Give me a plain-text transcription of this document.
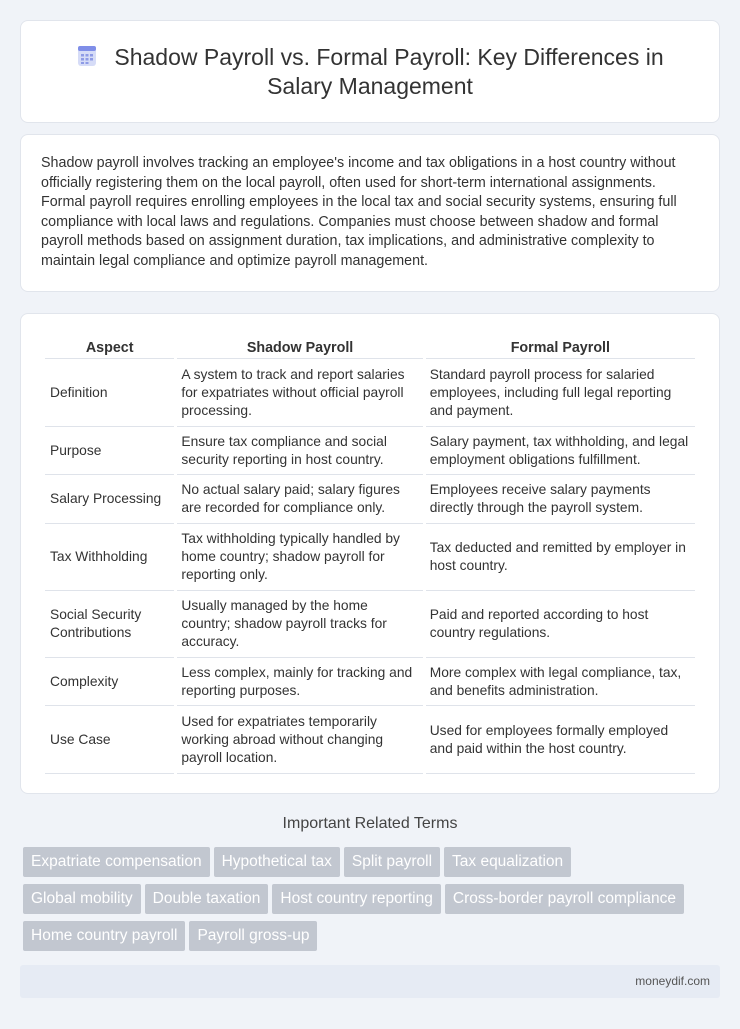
Shadow Payroll vs. Formal Payroll: Key Differences in
Salary Management

Shadow payroll involves tracking an employee's income and tax obligations in a host country without officially registering them on the local payroll, often used for short-term international assignments. Formal payroll requires enrolling employees in the local tax and social security systems, ensuring full compliance with local laws and regulations. Companies must choose between shadow and formal payroll methods based on assignment duration, tax implications, and administrative complexity to maintain legal compliance and optimize payroll management.

Aspect	Shadow Payroll	Formal Payroll
Definition	A system to track and report salaries for expatriates without official payroll processing.	Standard payroll process for salaried employees, including full legal reporting and payment.
Purpose	Ensure tax compliance and social security reporting in host country.	Salary payment, tax withholding, and legal employment obligations fulfillment.
Salary Processing	No actual salary paid; salary figures are recorded for compliance only.	Employees receive salary payments directly through the payroll system.
Tax Withholding	Tax withholding typically handled by home country; shadow payroll for reporting only.	Tax deducted and remitted by employer in host country.
Social Security Contributions	Usually managed by the home country; shadow payroll tracks for accuracy.	Paid and reported according to host country regulations.
Complexity	Less complex, mainly for tracking and reporting purposes.	More complex with legal compliance, tax, and benefits administration.
Use Case	Used for expatriates temporarily working abroad without changing payroll location.	Used for employees formally employed and paid within the host country.
Important Related Terms
Expatriate compensation Hypothetical tax Split payroll Tax equalization
Global mobility Double taxation Host country reporting Cross-border payroll compliance
Home country payroll Payroll gross-up
moneydif.com
